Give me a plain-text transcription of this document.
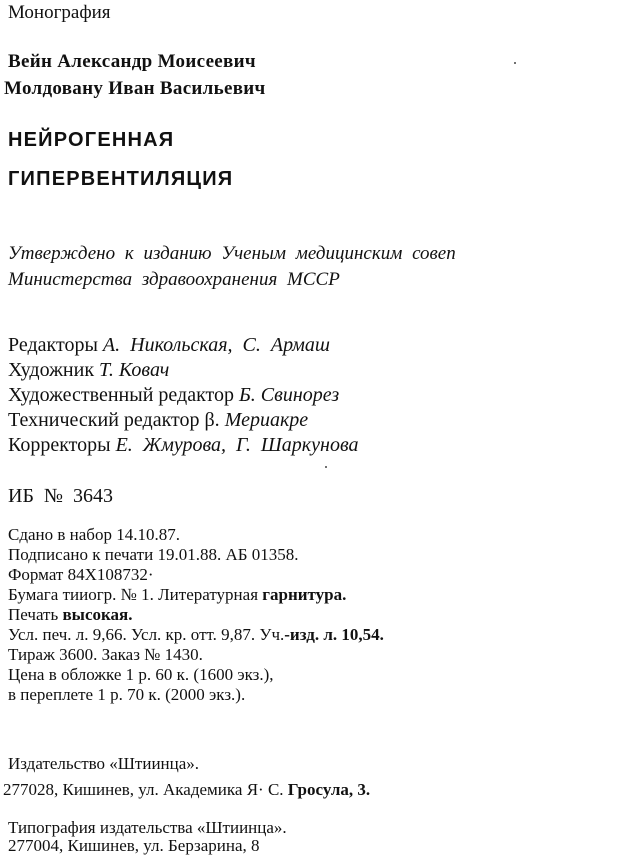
Монография
Вейн Александр Моисеевич
Молдовану Иван Васильевич
НЕЙРОГЕННАЯ
ГИПЕРВЕНТИЛЯЦИЯ
Утверждено к изданию Ученым медицинским совеп
Министерства здравоохранения МССР
Редакторы А. Никольская, С. Армаш
Художник Т. Ковач
Художественный редактор Б. Свинорез
Технический редактор β. Мериакре
Корректоры Е. Жмурова, Г. Шаркунова
ИБ № 3643
Сдано в набор 14.10.87.
Подписано к печати 19.01.88. АБ 01358.
Формат 84Х108732·
Бумага тииогр. № 1. Литературная гарнитура.
Печать высокая.
Усл. печ. л. 9,66. Усл. кр. отт. 9,87. Уч.-изд. л. 10,54.
Тираж 3600. Заказ № 1430.
Цена в обложке 1 р. 60 к. (1600 экз.),
в переплете 1 р. 70 к. (2000 экз.).
Издательство «Штиинца».
277028, Кишинев, ул. Академика Я· С. Гросула, 3.
Типография издательства «Штиинца».
277004, Кишинев, ул. Берзарина, 8
